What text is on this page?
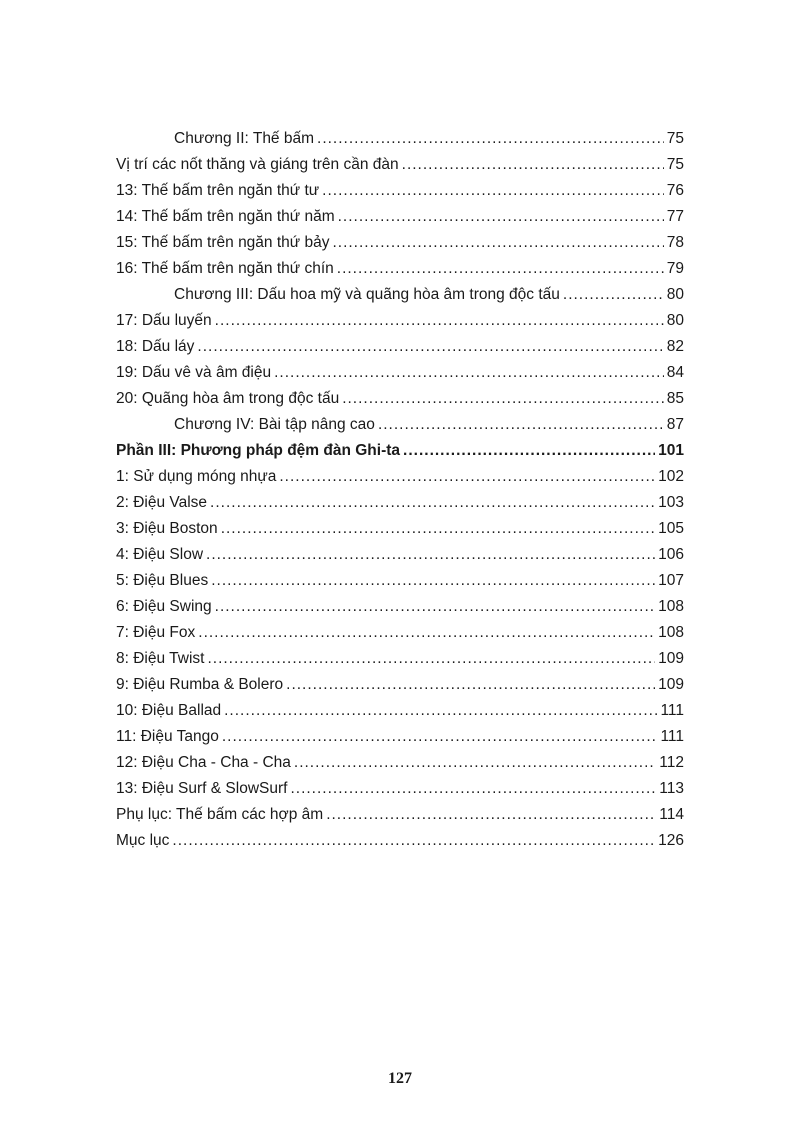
Chương II: Thế bấm .....	75
Vị trí các nốt thăng và giáng trên cần đàn .....	75
13: Thế bấm trên ngăn thứ tư .....	76
14: Thế bấm trên ngăn thứ năm .....	77
15: Thế bấm trên ngăn thứ bảy .....	78
16: Thế bấm trên ngăn thứ chín .....	79
Chương III: Dấu hoa mỹ và quãng hòa âm trong độc tấu .....	80
17: Dấu luyến .....	80
18: Dấu láy .....	82
19: Dấu vê và âm điệu .....	84
20: Quãng hòa âm trong độc tấu .....	85
Chương IV: Bài tập nâng cao .....	87
Phần III: Phương pháp đệm đàn Ghi-ta .....	101
1: Sử dụng móng nhựa .....	102
2: Điệu Valse .....	103
3: Điệu Boston .....	105
4: Điệu Slow .....	106
5: Điệu Blues .....	107
6: Điệu Swing .....	108
7: Điệu Fox .....	108
8: Điệu Twist .....	109
9: Điệu Rumba & Bolero .....	109
10: Điệu Ballad .....	111
11: Điệu Tango .....	111
12: Điệu Cha - Cha - Cha .....	112
13: Điệu Surf & SlowSurf .....	113
Phụ lục: Thế bấm các hợp âm .....	114
Mục lục .....	126
127
